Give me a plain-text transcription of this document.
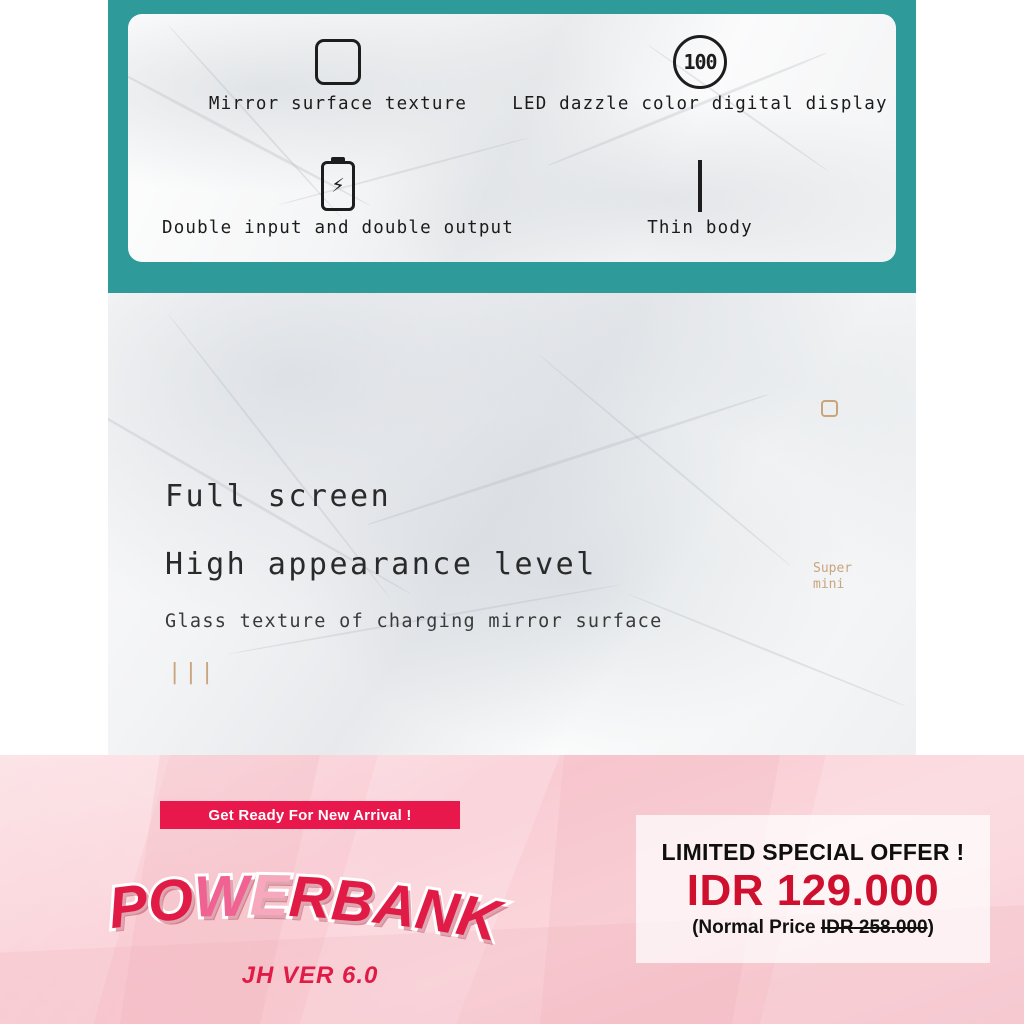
Mirror surface texture
100
LED dazzle color digital display
⚡
Double input and double output	Thin body
Full screen
High appearance level
Glass texture of charging mirror surface
|||
Super
mini
Get Ready For New Arrival !
POWERBANK
JH VER 6.0
LIMITED SPECIAL OFFER !
IDR 129.000
(Normal Price IDR 258.000)
